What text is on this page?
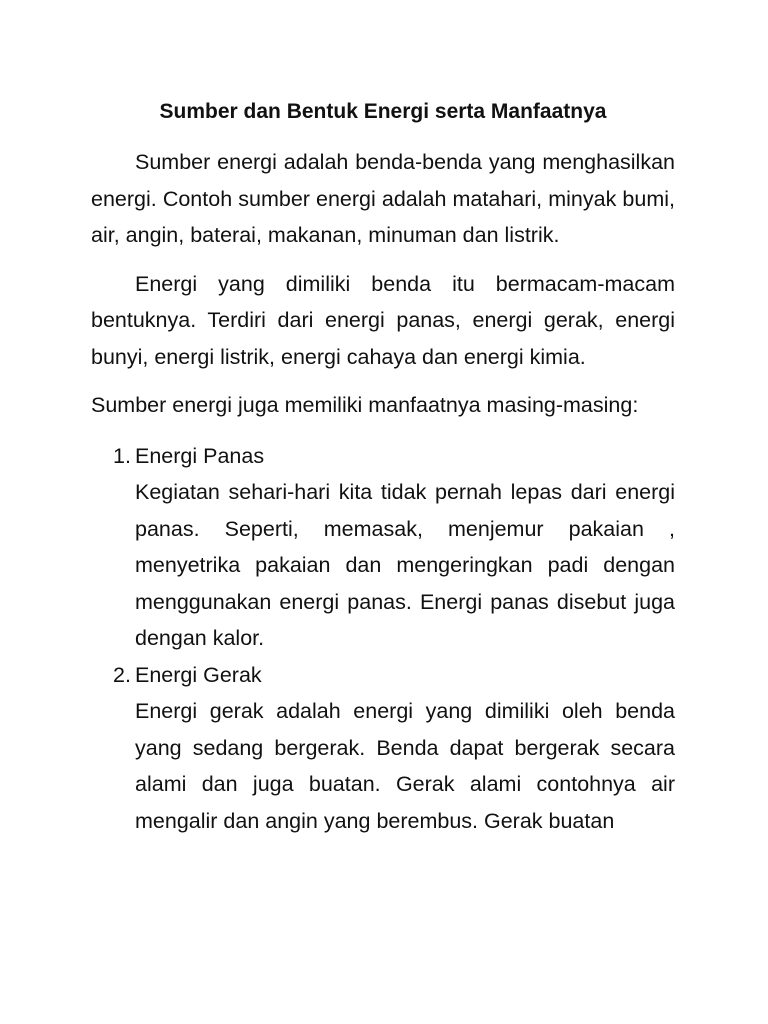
Sumber dan Bentuk Energi serta Manfaatnya

Sumber energi adalah benda-benda yang menghasilkan energi. Contoh sumber energi adalah matahari, minyak bumi, air, angin, baterai, makanan, minuman dan listrik.

Energi yang dimiliki benda itu bermacam-macam bentuknya. Terdiri dari energi panas, energi gerak, energi bunyi, energi listrik, energi cahaya dan energi kimia.

Sumber energi juga memiliki manfaatnya masing-masing:

1. Energi Panas

Kegiatan sehari-hari kita tidak pernah lepas dari energi panas. Seperti, memasak, menjemur pakaian , menyetrika pakaian dan mengeringkan padi dengan menggunakan energi panas. Energi panas disebut juga dengan kalor.

2. Energi Gerak

Energi gerak adalah energi yang dimiliki oleh benda yang sedang bergerak. Benda dapat bergerak secara alami dan juga buatan. Gerak alami contohnya air mengalir dan angin yang berembus. Gerak buatan
